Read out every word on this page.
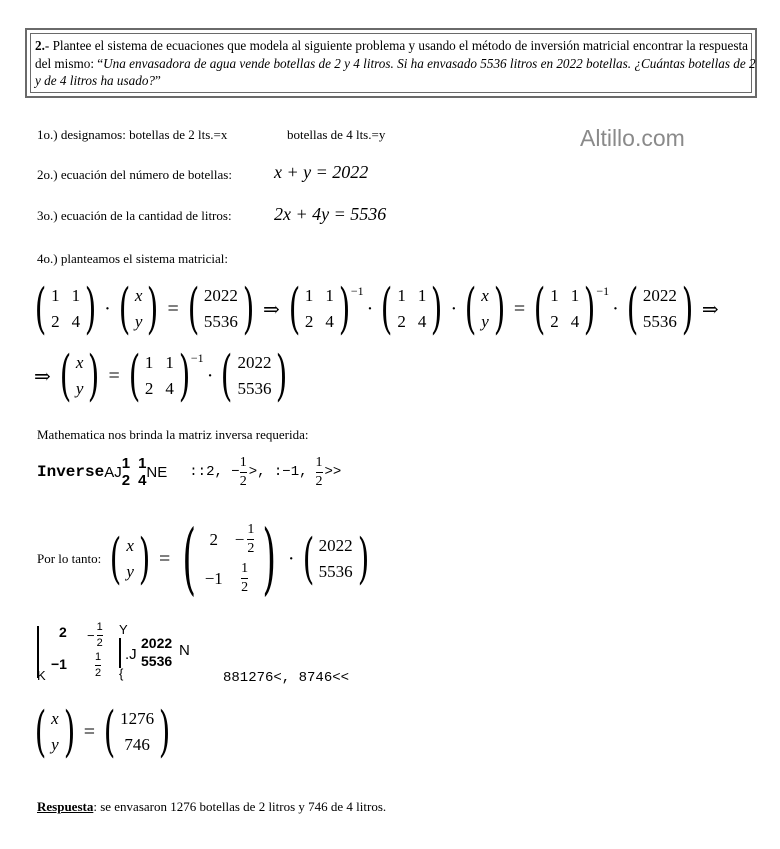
2.- Plantee el sistema de ecuaciones que modela al siguiente problema y usando el método de inversión matricial encontrar la respuesta del mismo: “Una envasadora de agua vende botellas de 2 y 4 litros. Si ha envasado 5536 litros en 2022 botellas. ¿Cuántas botellas de 2 y de 4 litros ha usado?”
Altillo.com
1o.) designamos: botellas de 2 lts.=x	botellas de 4 lts.=y
2o.) ecuación del número de botellas: x + y = 2022
3o.) ecuación de la cantidad de litros: 2x + 4y = 5536
4o.) planteamos el sistema matricial:
( 1 1
2 4 ) · ( x
y ) = ( 2022
5536 ) ⇒ ( 1 1
2 4 ) −1
· ( 1 1
2 4 ) · ( x
y ) = ( 1 1
2 4 ) −1
· ( 2022
5536 ) ⇒
⇒ ( x
y ) = ( 1 1
2 4 ) −1
· ( 2022
5536 )
Mathematica nos brinda la matriz inversa requerida:
Inverse AJ 1 1
2 4 NE ::2, − $\frac{1}{2}$ >, :−1, $\frac{1}{2}$ >>
Por lo tanto: ( x
y ) = ( $2 - \frac{1}{2}$
$-1 \frac{1}{2}$ ) · ( 2022
5536 )
K
$2 - \frac{1}{2}$ Y
−1	$\frac{1}{2}$ {
.J
2022
5536
N
881276<, 8746<<
( x
y ) = ( 1276
746 )
Respuesta: se envasaron 1276 botellas de 2 litros y 746 de 4 litros.
